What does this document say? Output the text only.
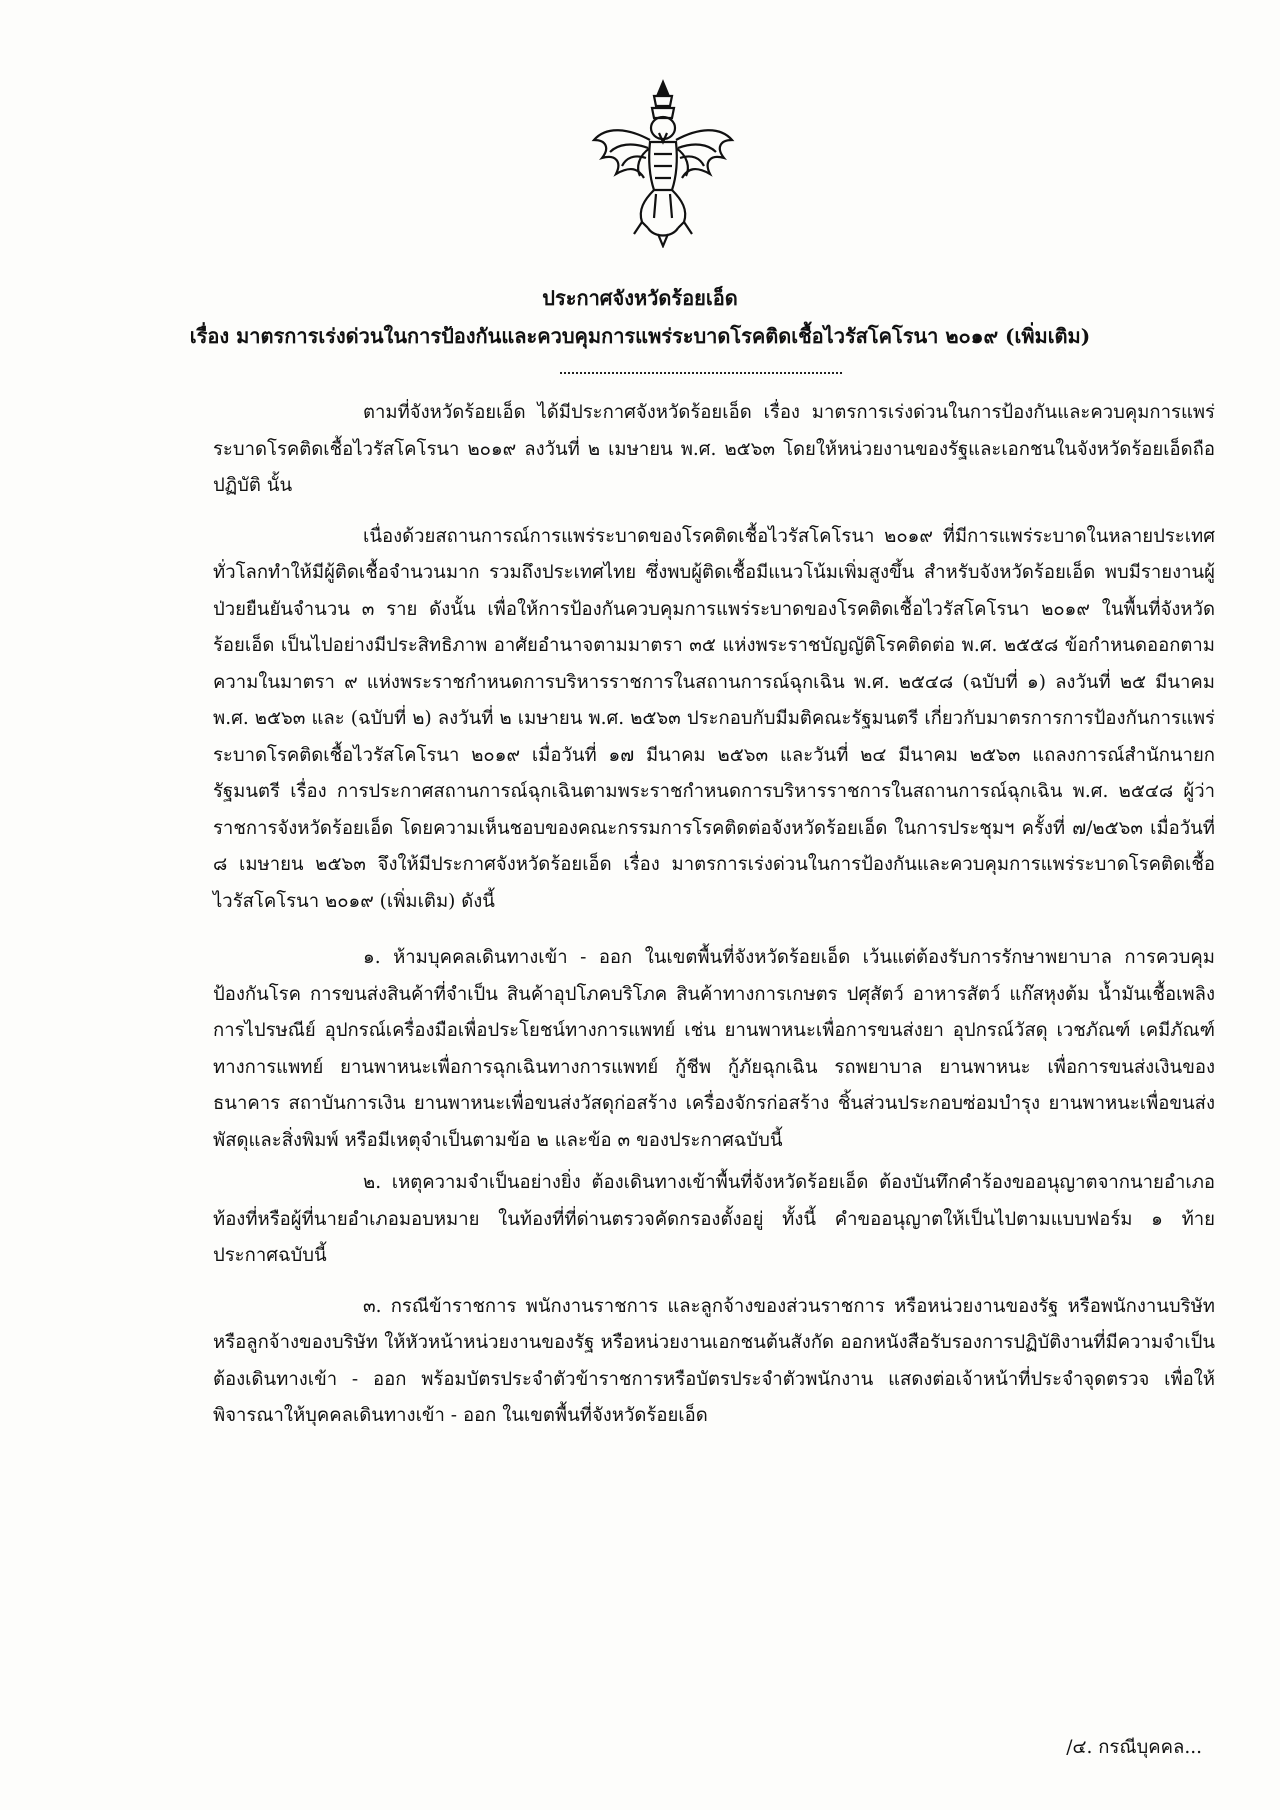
ประกาศจังหวัดร้อยเอ็ด
เรื่อง มาตรการเร่งด่วนในการป้องกันและควบคุมการแพร่ระบาดโรคติดเชื้อไวรัสโคโรนา ๒๐๑๙ (เพิ่มเติม)

ตามที่จังหวัดร้อยเอ็ด ได้มีประกาศจังหวัดร้อยเอ็ด เรื่อง มาตรการเร่งด่วนในการป้องกันและควบคุมการแพร่ระบาดโรคติดเชื้อไวรัสโคโรนา ๒๐๑๙ ลงวันที่ ๒ เมษายน พ.ศ. ๒๕๖๓ โดยให้หน่วยงานของรัฐและเอกชนในจังหวัดร้อยเอ็ดถือปฏิบัติ นั้น

เนื่องด้วยสถานการณ์การแพร่ระบาดของโรคติดเชื้อไวรัสโคโรนา ๒๐๑๙ ที่มีการแพร่ระบาดในหลายประเทศทั่วโลกทำให้มีผู้ติดเชื้อจำนวนมาก รวมถึงประเทศไทย ซึ่งพบผู้ติดเชื้อมีแนวโน้มเพิ่มสูงขึ้น สำหรับจังหวัดร้อยเอ็ด พบมีรายงานผู้ป่วยยืนยันจำนวน ๓ ราย ดังนั้น เพื่อให้การป้องกันควบคุมการแพร่ระบาดของโรคติดเชื้อไวรัสโคโรนา ๒๐๑๙ ในพื้นที่จังหวัดร้อยเอ็ด เป็นไปอย่างมีประสิทธิภาพ อาศัยอำนาจตามมาตรา ๓๕ แห่งพระราชบัญญัติโรคติดต่อ พ.ศ. ๒๕๕๘ ข้อกำหนดออกตามความในมาตรา ๙ แห่งพระราชกำหนดการบริหารราชการในสถานการณ์ฉุกเฉิน พ.ศ. ๒๕๔๘ (ฉบับที่ ๑) ลงวันที่ ๒๕ มีนาคม พ.ศ. ๒๕๖๓ และ (ฉบับที่ ๒) ลงวันที่ ๒ เมษายน พ.ศ. ๒๕๖๓ ประกอบกับมีมติคณะรัฐมนตรี เกี่ยวกับมาตรการการป้องกันการแพร่ระบาดโรคติดเชื้อไวรัสโคโรนา ๒๐๑๙ เมื่อวันที่ ๑๗ มีนาคม ๒๕๖๓ และวันที่ ๒๔ มีนาคม ๒๕๖๓ แถลงการณ์สำนักนายกรัฐมนตรี เรื่อง การประกาศสถานการณ์ฉุกเฉินตามพระราชกำหนดการบริหารราชการในสถานการณ์ฉุกเฉิน พ.ศ. ๒๕๔๘ ผู้ว่าราชการจังหวัดร้อยเอ็ด โดยความเห็นชอบของคณะกรรมการโรคติดต่อจังหวัดร้อยเอ็ด ในการประชุมฯ ครั้งที่ ๗/๒๕๖๓ เมื่อวันที่ ๘ เมษายน ๒๕๖๓ จึงให้มีประกาศจังหวัดร้อยเอ็ด เรื่อง มาตรการเร่งด่วนในการป้องกันและควบคุมการแพร่ระบาดโรคติดเชื้อไวรัสโคโรนา ๒๐๑๙ (เพิ่มเติม) ดังนี้

๑. ห้ามบุคคลเดินทางเข้า - ออก ในเขตพื้นที่จังหวัดร้อยเอ็ด เว้นแต่ต้องรับการรักษาพยาบาล การควบคุมป้องกันโรค การขนส่งสินค้าที่จำเป็น สินค้าอุปโภคบริโภค สินค้าทางการเกษตร ปศุสัตว์ อาหารสัตว์ แก๊สหุงต้ม น้ำมันเชื้อเพลิง การไปรษณีย์ อุปกรณ์เครื่องมือเพื่อประโยชน์ทางการแพทย์ เช่น ยานพาหนะเพื่อการขนส่งยา อุปกรณ์วัสดุ เวชภัณฑ์ เคมีภัณฑ์ทางการแพทย์ ยานพาหนะเพื่อการฉุกเฉินทางการแพทย์ กู้ชีพ กู้ภัยฉุกเฉิน รถพยาบาล ยานพาหนะ เพื่อการขนส่งเงินของธนาคาร สถาบันการเงิน ยานพาหนะเพื่อขนส่งวัสดุก่อสร้าง เครื่องจักรก่อสร้าง ชิ้นส่วนประกอบซ่อมบำรุง ยานพาหนะเพื่อขนส่งพัสดุและสิ่งพิมพ์ หรือมีเหตุจำเป็นตามข้อ ๒ และข้อ ๓ ของประกาศฉบับนี้

๒. เหตุความจำเป็นอย่างยิ่ง ต้องเดินทางเข้าพื้นที่จังหวัดร้อยเอ็ด ต้องบันทึกคำร้องขออนุญาตจากนายอำเภอท้องที่หรือผู้ที่นายอำเภอมอบหมาย ในท้องที่ที่ด่านตรวจคัดกรองตั้งอยู่ ทั้งนี้ คำขออนุญาตให้เป็นไปตามแบบฟอร์ม ๑ ท้ายประกาศฉบับนี้

๓. กรณีข้าราชการ พนักงานราชการ และลูกจ้างของส่วนราชการ หรือหน่วยงานของรัฐ หรือพนักงานบริษัท หรือลูกจ้างของบริษัท ให้หัวหน้าหน่วยงานของรัฐ หรือหน่วยงานเอกชนต้นสังกัด ออกหนังสือรับรองการปฏิบัติงานที่มีความจำเป็นต้องเดินทางเข้า - ออก พร้อมบัตรประจำตัวข้าราชการหรือบัตรประจำตัวพนักงาน แสดงต่อเจ้าหน้าที่ประจำจุดตรวจ เพื่อให้พิจารณาให้บุคคลเดินทางเข้า - ออก ในเขตพื้นที่จังหวัดร้อยเอ็ด

/๔. กรณีบุคคล...
